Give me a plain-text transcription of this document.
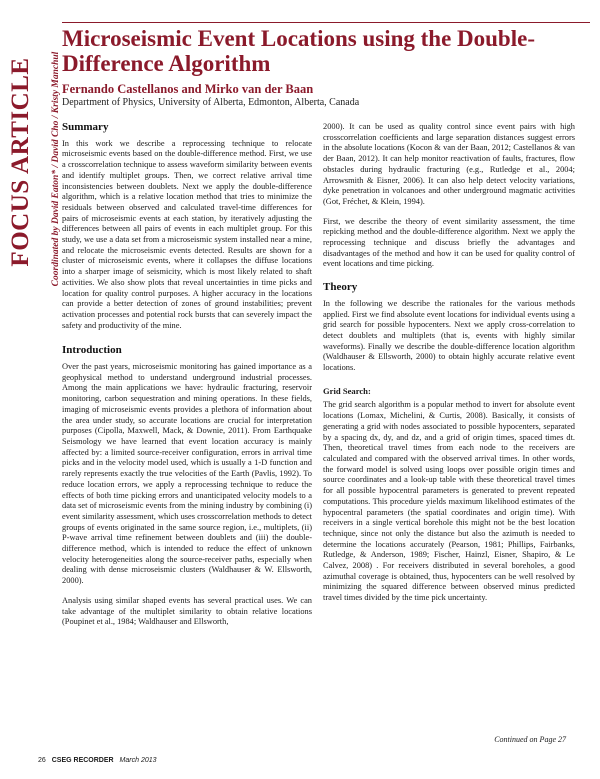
FOCUS ARTICLE Coordinated by David Eaton* / David Cho / Kristy Manchul
Microseismic Event Locations using the Double-Difference Algorithm
Fernando Castellanos and Mirko van der Baan
Department of Physics, University of Alberta, Edmonton, Alberta, Canada
Summary

In this work we describe a reprocessing technique to relocate microseismic events based on the double-difference method. First, we use a crosscorrelation technique to assess waveform similarity between events and identify multiplet groups. Then, we correct relative arrival time inconsistencies between doublets. Next we apply the double-difference algorithm, which is a relative location method that tries to minimize the residuals between observed and calculated travel-time differences for pairs of microseismic events at each station, by iteratively adjusting the differences between all pairs of events in each multiplet group. For this study, we use a data set from a microseismic system installed near a mine, and relocate the microseismic events detected. Results are shown for a cluster of microseismic events, where it collapses the diffuse locations into a sharper image of seismicity, which is most likely related to shaft activities. We also show plots that reveal uncertainties in time picks and location for quality control purposes. A higher accuracy in the locations can provide a better detection of zones of ground instabilities; prevent activation processes and potential rock bursts that can severely impact the safety and productivity of the mine.

Introduction

Over the past years, microseismic monitoring has gained importance as a geophysical method to understand underground industrial processes. Among the main applications we have: hydraulic fracturing, reservoir monitoring, carbon sequestration and mining operations. In these fields, imaging of microseismic events provides a plethora of information about the area under study, so accurate locations are crucial for interpretation purposes (Cipolla, Maxwell, Mack, & Downie, 2011). From Earthquake Seismology we have learned that event location accuracy is mainly affected by: a limited source-receiver configuration, errors in arrival time picks and in the velocity model used, which is usually a 1-D function and rarely represents exactly the true velocities of the Earth (Pavlis, 1992). To reduce location errors, we apply a reprocessing technique to reduce the effects of both time picking errors and unanticipated velocity models to a data set of microseismic events from the mining industry by combining (i) event similarity assessment, which uses crosscorrelation methods to detect groups of events originated in the same source region, i.e., multiplets, (ii) P-wave arrival time refinement between doublets and (iii) the double-difference method, which is intended to reduce the effect of unknown velocity heterogeneities along the source-receiver paths, especially when dealing with dense microseismic clusters (Waldhauser & W. Ellsworth, 2000).

Analysis using similar shaped events has several practical uses. We can take advantage of the multiplet similarity to obtain relative locations (Poupinet et al., 1984; Waldhauser and Ellsworth,

2000). It can be used as quality control since event pairs with high crosscorrelation coefficients and large separation distances suggest errors in the absolute locations (Kocon & van der Baan, 2012; Castellanos & van der Baan, 2012). It can help monitor reactivation of faults, fractures, flow obstacles during hydraulic fracturing (e.g., Rutledge et al., 2004; Arrowsmith & Eisner, 2006). It can also help detect velocity variations, dyke penetration in volcanoes and other underground magmatic activities (Got, Fréchet, & Klein, 1994).

First, we describe the theory of event similarity assessment, the time repicking method and the double-difference algorithm. Next we apply the reprocessing technique and discuss briefly the advantages and disadvantages of the method and how it can be used for quality control of event locations and time picking.

Theory

In the following we describe the rationales for the various methods applied. First we find absolute event locations for individual events using a grid search for possible hypocenters. Next we apply cross-correlation to detect doublets and multiplets (that is, events with highly similar waveforms). Finally we describe the double-difference location algorithm (Waldhauser & Ellsworth, 2000) to obtain highly accurate relative event locations.

Grid Search:

The grid search algorithm is a popular method to invert for absolute event locations (Lomax, Michelini, & Curtis, 2008). Basically, it consists of generating a grid with nodes associated to possible hypocenters, separated by a spacing dx, dy, and dz, and a grid of origin times, spaced times dt. Then, theoretical travel times from each node to the receivers are calculated and compared with the observed arrival times. In other words, the forward model is solved using loops over possible origin times and source coordinates and a look-up table with these theoretical travel times for all possible hypocentral parameters is generated to prevent repeated computations. This procedure yields maximum likelihood estimates of the hypocentral parameters (the spatial coordinates and origin time). With receivers in a single vertical borehole this might not be the best location technique, since not only the distance but also the azimuth is needed to determine the locations accurately (Pearson, 1981; Phillips, Fairbanks, Rutledge, & Anderson, 1989; Fischer, Hainzl, Eisner, Shapiro, & Le Calvez, 2008) . For receivers distributed in several boreholes, a good azimuthal coverage is obtained, thus, hypocenters can be well resolved by minimizing the squared difference between observed minus predicted travel times divided by the time pick uncertainty.

Continued on Page 27
26 CSEG RECORDER March 2013
